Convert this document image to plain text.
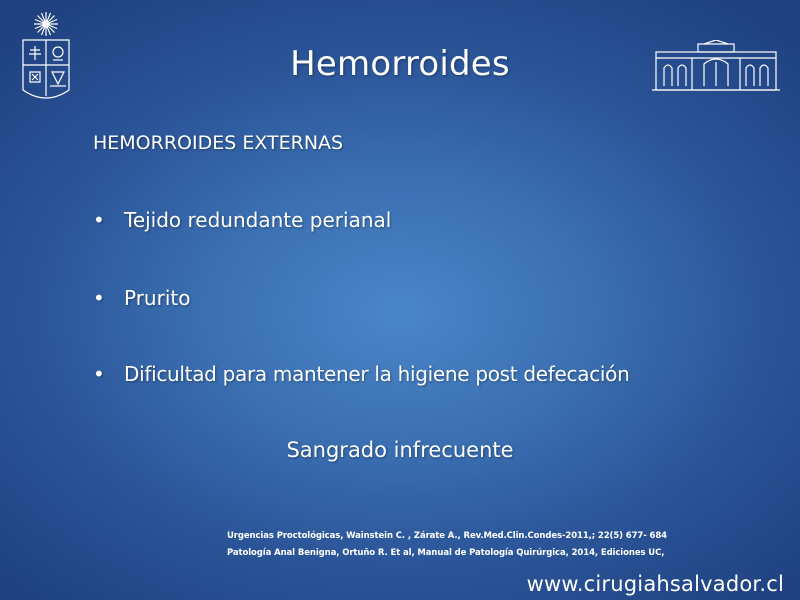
Hemorroides
HEMORROIDES EXTERNAS
• Tejido redundante perianal
• Prurito
• Dificultad para mantener la higiene post defecación
Sangrado infrecuente
Urgencias Proctológicas, Wainstein C. , Zárate A., Rev.Med.Clin.Condes-2011,; 22(5) 677- 684
Patología Anal Benigna, Ortuño R. Et al, Manual de Patología Quirúrgica, 2014, Ediciones UC,
www.cirugiahsalvador.cl
